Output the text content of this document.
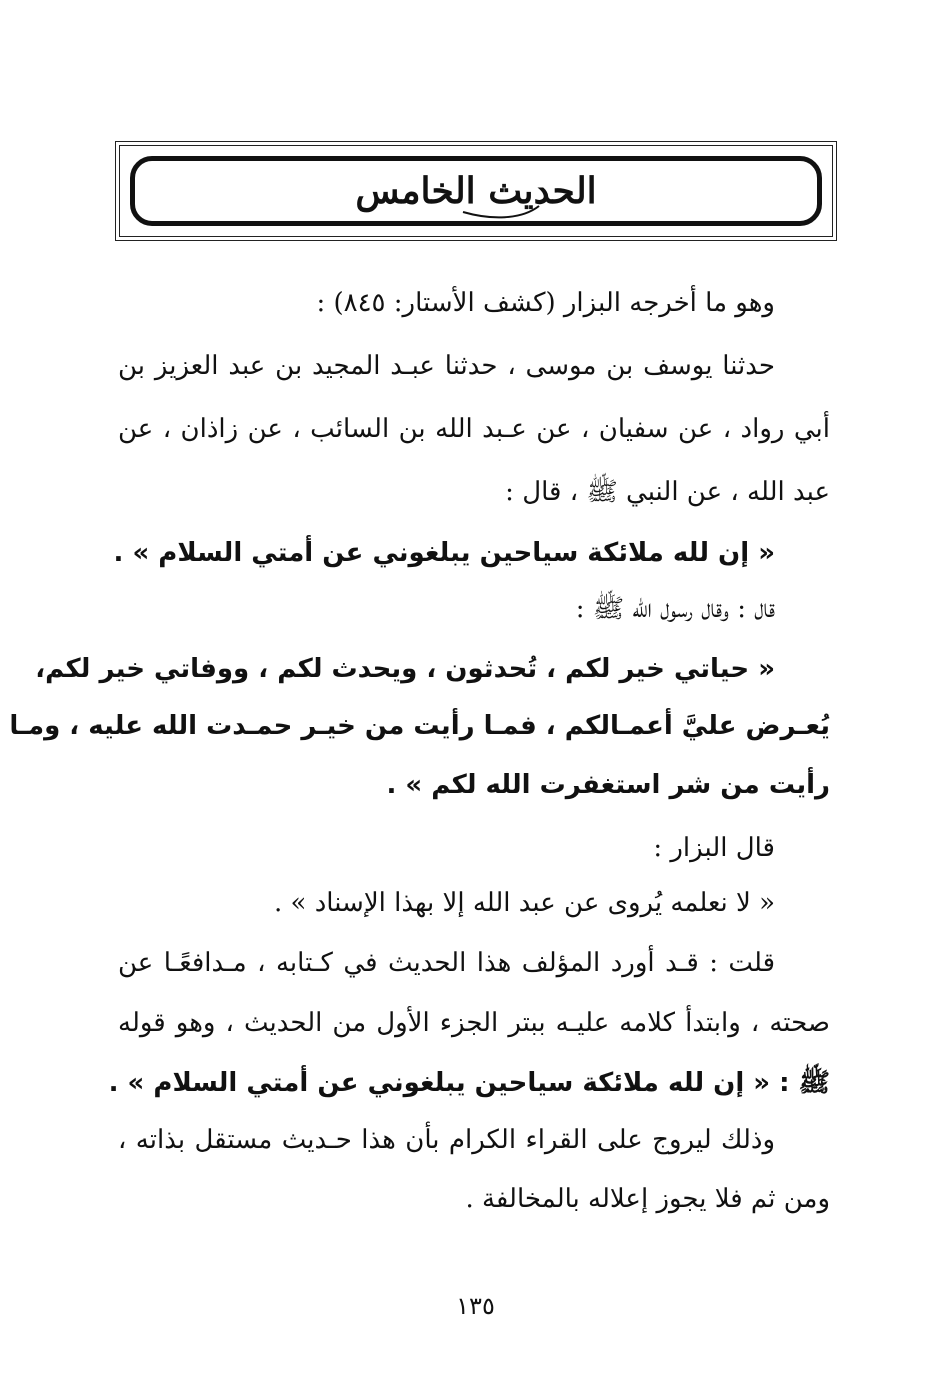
الحديث الخامس
وهو ما أخرجه البزار (كشف الأستار: ٨٤٥) :
حدثنا يوسف بن موسى ، حدثنا عبـد المجيد بن عبد العزيز بن
أبي رواد ، عن سفيان ، عن عـبد الله بن السائب ، عن زاذان ، عن
عبد الله ، عن النبي ﷺ ، قال :
« إن لله ملائكة سياحين يبلغوني عن أمتي السلام » .
قال : وقال رسول الله ﷺ :
« حياتي خير لكم ، تُحدثون ، ويحدث لكم ، ووفاتي خير لكم،
يُعـرض عليَّ أعمـالكم ، فمـا رأيت من خيـر حمـدت الله عليه ، ومـا
رأيت من شر استغفرت الله لكم » .
قال البزار :
« لا نعلمه يُروى عن عبد الله إلا بهذا الإسناد » .
قلت : قـد أورد المؤلف هذا الحديث في كـتابه ، مـدافعًـا عن
صحته ، وابتدأ كلامه عليـه ببتر الجزء الأول من الحديث ، وهو قوله
ﷺ : « إن لله ملائكة سياحين يبلغوني عن أمتي السلام » .
وذلك ليروج على القراء الكرام بأن هذا حـديث مستقل بذاته ،
ومن ثم فلا يجوز إعلاله بالمخالفة .
١٣٥
